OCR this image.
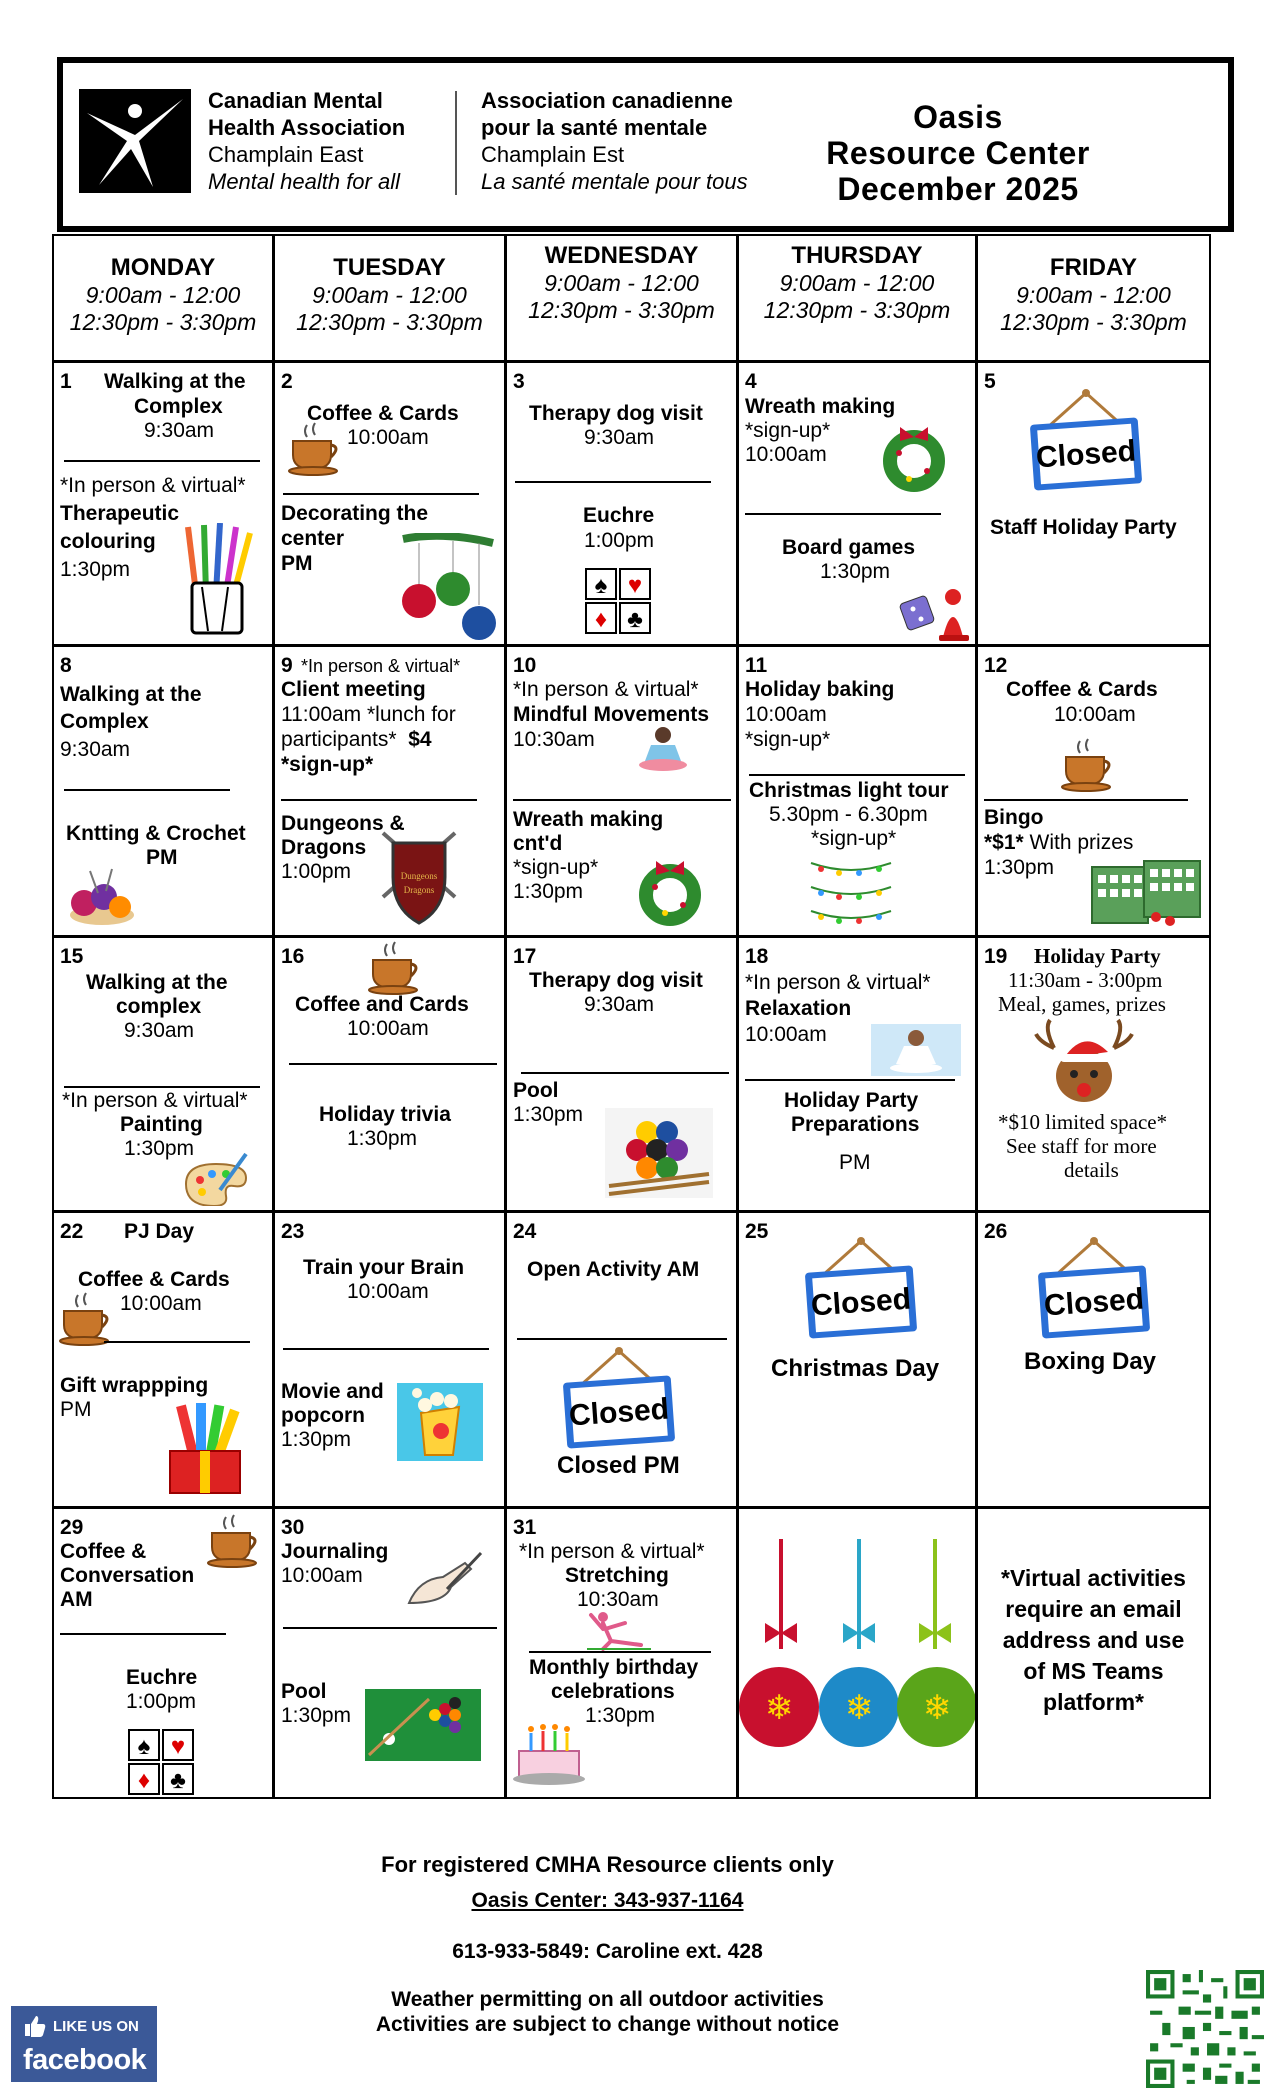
Canadian Mental
Health Association
Champlain East
Mental health for all
Association canadienne
pour la santé mentale
Champlain Est
La santé mentale pour tous
Oasis
Resource Center
December 2025
MONDAY
9:00am - 12:00
12:30pm - 3:30pm
TUESDAY
9:00am - 12:00
12:30pm - 3:30pm
WEDNESDAY
9:00am - 12:00
12:30pm - 3:30pm
THURSDAY
9:00am - 12:00
12:30pm - 3:30pm
FRIDAY
9:00am - 12:00
12:30pm - 3:30pm
1 Walking at the
Complex
9:30am
*In person & virtual*
Therapeutic
colouring
1:30pm
2
Coffee & Cards
10:00am
Decorating the
center
PM
3
Therapy dog visit
9:30am
Euchre
1:00pm
♠ ♥
♦ ♣
4
Wreath making
*sign-up*
10:00am
Board games
1:30pm
5
Closed
Staff Holiday Party
8
Walking at the
Complex
9:30am
Kntting & Crochet
PM
9 *In person & virtual*
Client meeting
11:00am *lunch for
participants* $4
*sign-up*
Dungeons &
Dragons
1:00pm	Dungeons
Dragons
10
*In person & virtual*
Mindful Movements
10:30am
Wreath making
cnt'd
*sign-up*
1:30pm
11
Holiday baking
10:00am
*sign-up*
Christmas light tour
5.30pm - 6.30pm
*sign-up*
12
Coffee & Cards
10:00am
Bingo
*$1* With prizes
1:30pm
15
Walking at the
complex
9:30am
*In person & virtual*
Painting
1:30pm
16
Coffee and Cards
10:00am
Holiday trivia
1:30pm
17
Therapy dog visit
9:30am
Pool
1:30pm
18
*In person & virtual*
Relaxation
10:00am
Holiday Party
Preparations
PM
19 Holiday Party
11:30am - 3:00pm
Meal, games, prizes
*$10 limited space*
See staff for more
details
22 PJ Day
Coffee & Cards
10:00am
Gift wrappping
PM
23
Train your Brain
10:00am
Movie and
popcorn
1:30pm
24
Open Activity AM
Closed
Closed PM
25
Closed
Christmas Day
26
Closed
Boxing Day
29
Coffee &
Conversation
AM
Euchre
1:00pm
♠ ♥
♦ ♣
30
Journaling
10:00am
Pool
1:30pm
31
*In person & virtual*
Stretching
10:30am
Monthly birthday
celebrations
1:30pm	❄ ❄ ❄
*Virtual activities
require an email
address and use
of MS Teams
platform*
For registered CMHA Resource clients only
Oasis Center: 343-937-1164
613-933-5849: Caroline ext. 428
Weather permitting on all outdoor activities
Activities are subject to change without notice
LIKE US ON
facebook
